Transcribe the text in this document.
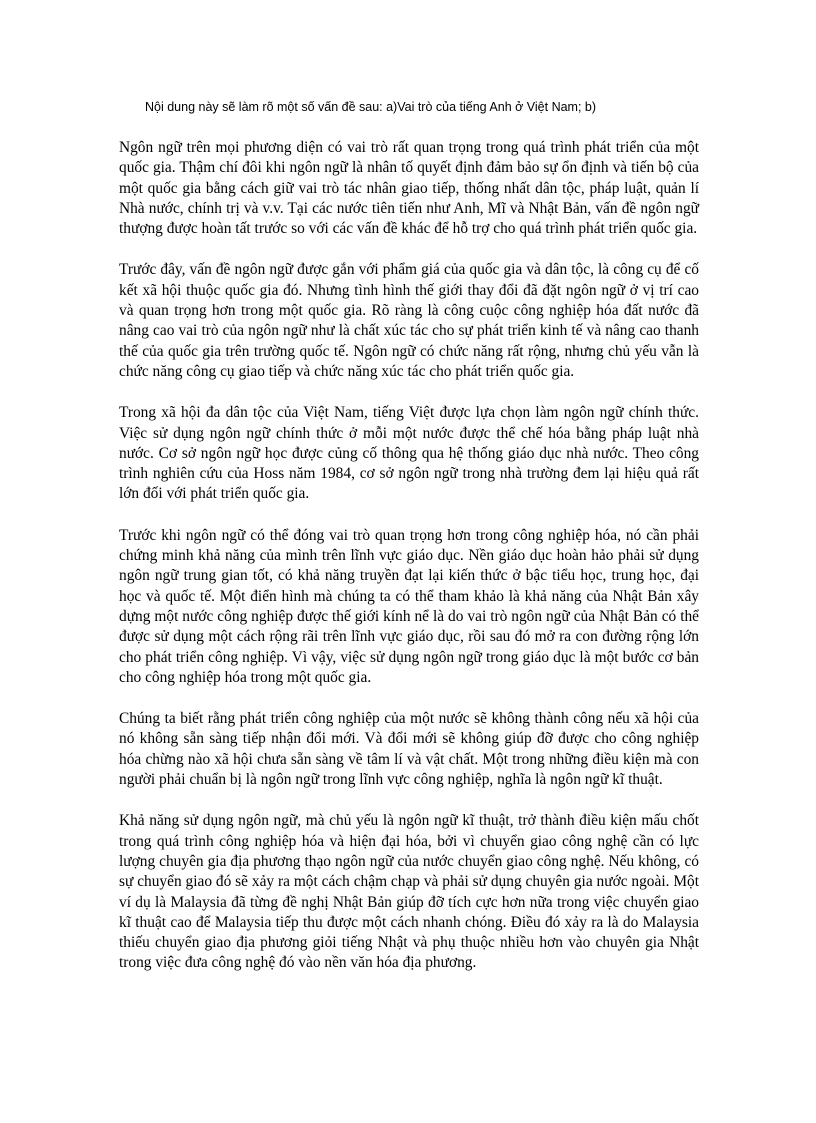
Nội dung này sẽ làm rõ một số vấn đề sau: a)Vai trò của tiếng Anh ở Việt Nam; b)

Ngôn ngữ trên mọi phương diện có vai trò rất quan trọng trong quá trình phát triển của một quốc gia. Thậm chí đôi khi ngôn ngữ là nhân tố quyết định đảm bảo sự ổn định và tiến bộ của một quốc gia bằng cách giữ vai trò tác nhân giao tiếp, thống nhất dân tộc, pháp luật, quản lí Nhà nước, chính trị và v.v. Tại các nước tiên tiến như Anh, Mĩ và Nhật Bản, vấn đề ngôn ngữ thượng được hoàn tất trước so với các vấn đề khác để hỗ trợ cho quá trình phát triển quốc gia.

Trước đây, vấn đề ngôn ngữ được gắn với phẩm giá của quốc gia và dân tộc, là công cụ để cố kết xã hội thuộc quốc gia đó. Nhưng tình hình thế giới thay đổi đã đặt ngôn ngữ ở vị trí cao và quan trọng hơn trong một quốc gia. Rõ ràng là công cuộc công nghiệp hóa đất nước đã nâng cao vai trò của ngôn ngữ như là chất xúc tác cho sự phát triển kinh tế và nâng cao thanh thế của quốc gia trên trường quốc tế. Ngôn ngữ có chức năng rất rộng, nhưng chủ yếu vẫn là chức năng công cụ giao tiếp và chức năng xúc tác cho phát triển quốc gia.

Trong xã hội đa dân tộc của Việt Nam, tiếng Việt được lựa chọn làm ngôn ngữ chính thức. Việc sử dụng ngôn ngữ chính thức ở mỗi một nước được thể chế hóa bằng pháp luật nhà nước. Cơ sở ngôn ngữ học được củng cố thông qua hệ thống giáo dục nhà nước. Theo công trình nghiên cứu của Hoss năm 1984, cơ sở ngôn ngữ trong nhà trường đem lại hiệu quả rất lớn đối với phát triển quốc gia.

Trước khi ngôn ngữ có thể đóng vai trò quan trọng hơn trong công nghiệp hóa, nó cần phải chứng minh khả năng của mình trên lĩnh vực giáo dục. Nền giáo dục hoàn hảo phải sử dụng ngôn ngữ trung gian tốt, có khả năng truyền đạt lại kiến thức ở bậc tiểu học, trung học, đại học và quốc tế. Một điển hình mà chúng ta có thể tham khảo là khả năng của Nhật Bản xây dựng một nước công nghiệp được thế giới kính nể là do vai trò ngôn ngữ của Nhật Bản có thể được sử dụng một cách rộng rãi trên lĩnh vực giáo dục, rồi sau đó mở ra con đường rộng lớn cho phát triển công nghiệp. Vì vậy, việc sử dụng ngôn ngữ trong giáo dục là một bước cơ bản cho công nghiệp hóa trong một quốc gia.

Chúng ta biết rằng phát triển công nghiệp của một nước sẽ không thành công nếu xã hội của nó không sẵn sàng tiếp nhận đổi mới. Và đổi mới sẽ không giúp đỡ được cho công nghiệp hóa chừng nào xã hội chưa sẵn sàng về tâm lí và vật chất. Một trong những điều kiện mà con người phải chuẩn bị là ngôn ngữ trong lĩnh vực công nghiệp, nghĩa là ngôn ngữ kĩ thuật.

Khả năng sử dụng ngôn ngữ, mà chủ yếu là ngôn ngữ kĩ thuật, trở thành điều kiện mấu chốt trong quá trình công nghiệp hóa và hiện đại hóa, bởi vì chuyển giao công nghệ cần có lực lượng chuyên gia địa phương thạo ngôn ngữ của nước chuyển giao công nghệ. Nếu không, có sự chuyển giao đó sẽ xảy ra một cách chậm chạp và phải sử dụng chuyên gia nước ngoài. Một ví dụ là Malaysia đã từng đề nghị Nhật Bản giúp đỡ tích cực hơn nữa trong việc chuyển giao kĩ thuật cao để Malaysia tiếp thu được một cách nhanh chóng. Điều đó xảy ra là do Malaysia thiếu chuyển giao địa phương giỏi tiếng Nhật và phụ thuộc nhiều hơn vào chuyên gia Nhật trong việc đưa công nghệ đó vào nền văn hóa địa phương.
